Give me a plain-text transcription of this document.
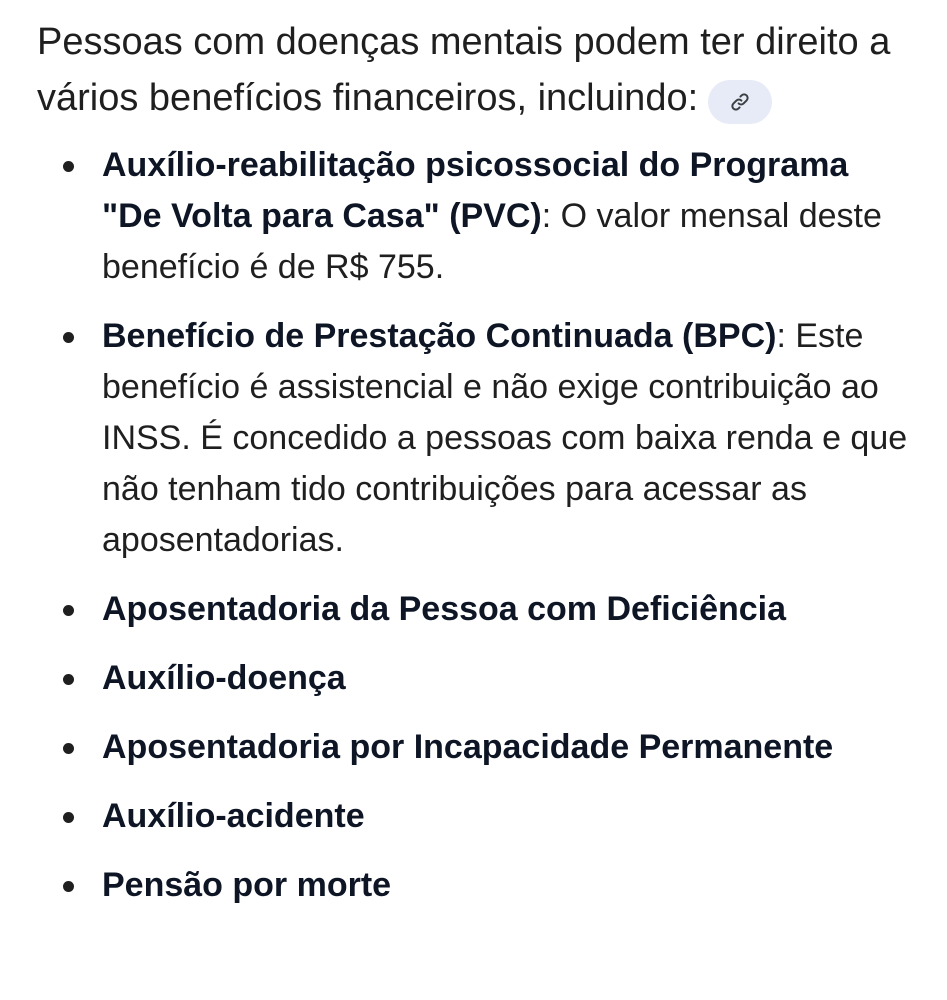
Pessoas com doenças mentais podem ter direito a vários benefícios financeiros, incluindo:

Auxílio-reabilitação psicossocial do Programa "De Volta para Casa" (PVC): O valor mensal deste benefício é de R$ 755.
Benefício de Prestação Continuada (BPC): Este benefício é assistencial e não exige contribuição ao INSS. É concedido a pessoas com baixa renda e que não tenham tido contribuições para acessar as aposentadorias.
Aposentadoria da Pessoa com Deficiência
Auxílio-doença
Aposentadoria por Incapacidade Permanente
Auxílio-acidente
Pensão por morte
